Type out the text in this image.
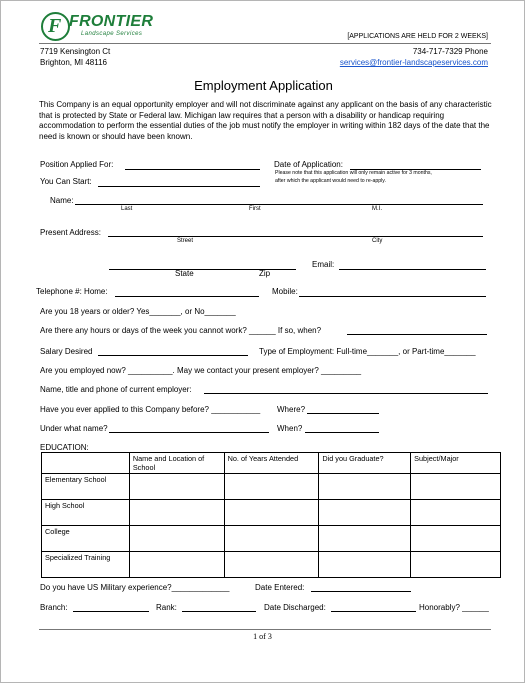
F FRONTIER
Landscape Services	[APPLICATIONS ARE HELD FOR 2 WEEKS]
7719 Kensington Ct
Brighton, MI 48116
734-717-7329 Phone
services@frontier-landscapeservices.com
Employment Application
This Company is an equal opportunity employer and will not discriminate against any applicant on the basis of any characteristic that is protected by State or Federal law. Michigan law requires that a person with a disability or handicap requiring accommodation to perform the essential duties of the job must notify the employer in writing within 182 days of the date that the need is known or should have been known.
Position Applied For:	Date of Application:
Please note that this application will only remain active for 3 months,
after which the applicant would need to re-apply.
You Can Start:
Name:
Last	First	M.I.
Present Address:
Street	City
Email:
State	Zip
Telephone #: Home:	Mobile:
Are you 18 years or older? Yes_______, or No_______
Are there any hours or days of the week you cannot work? ______ If so, when?
Salary Desired	Type of Employment: Full-time_______, or Part-time_______
Are you employed now? __________. May we contact your present employer? _________
Name, title and phone of current employer:
Have you ever applied to this Company before? ___________ Where?
Under what name?	When?
EDUCATION:
	Name and Location of School	No. of Years Attended	Did you Graduate?	Subject/Major
Elementary School				
High School				
College				
Specialized Training				
Do you have US Military experience?_____________	Date Entered:
Branch:	Rank:	Date Discharged:	Honorably? ______
1 of 3
